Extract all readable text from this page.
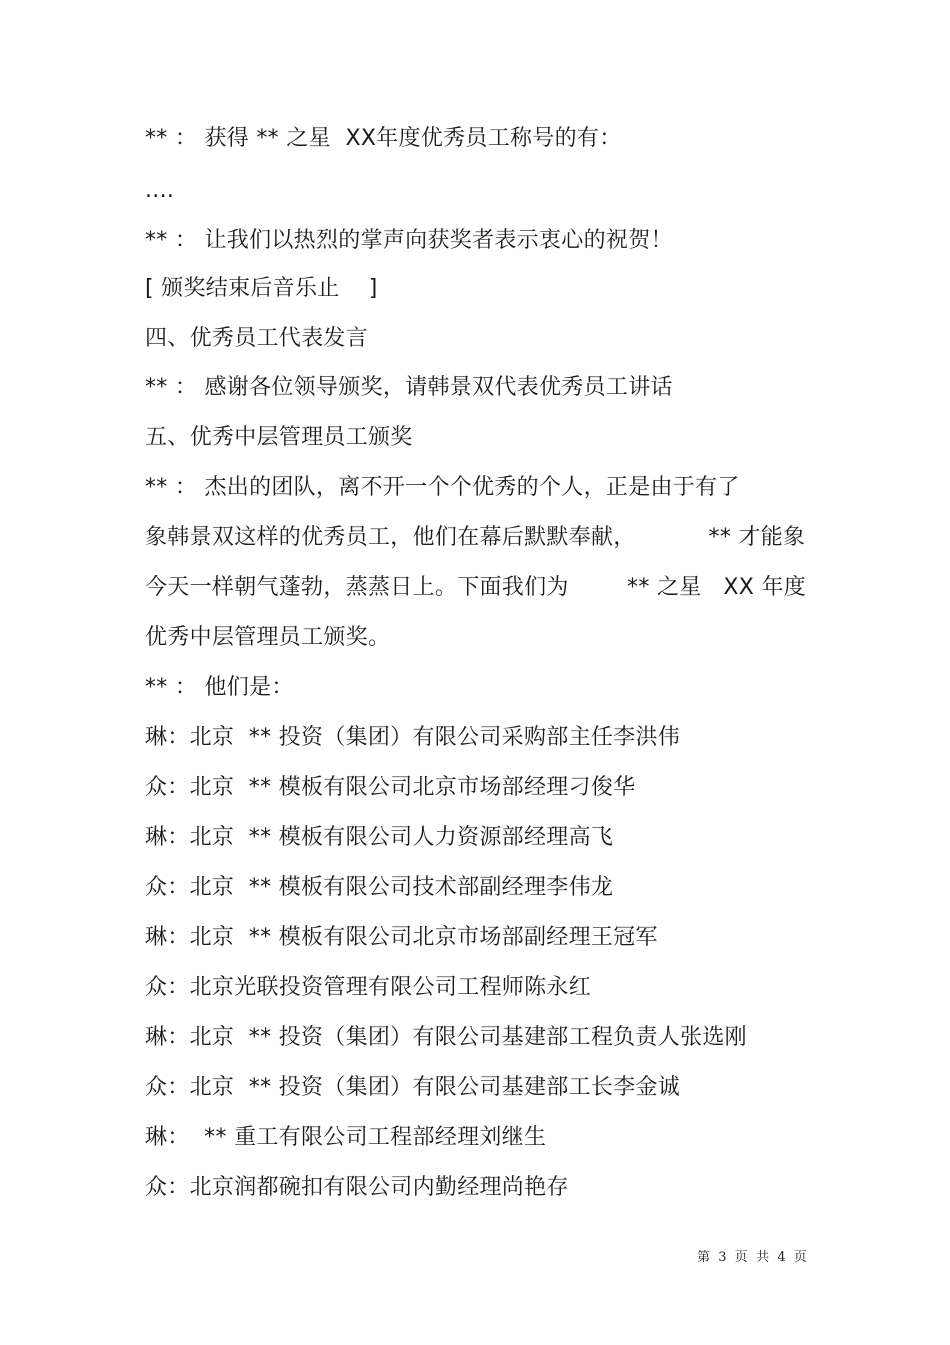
** ： 获得 ** 之星  XX年度优秀员工称号的有：

....

** ： 让我们以热烈的掌声向获奖者表示衷心的祝贺！

[ 颁奖结束后音乐止    ]

四、优秀员工代表发言

** ： 感谢各位领导颁奖，请韩景双代表优秀员工讲话

五、优秀中层管理员工颁奖

** ： 杰出的团队，离不开一个个优秀的个人，正是由于有了

象韩景双这样的优秀员工，他们在幕后默默奉献，          ** 才能象

今天一样朝气蓬勃，蒸蒸日上。下面我们为        ** 之星   XX 年度

优秀中层管理员工颁奖。

** ： 他们是：

琳：北京  ** 投资（集团）有限公司采购部主任李洪伟

众：北京  ** 模板有限公司北京市场部经理刁俊华

琳：北京  ** 模板有限公司人力资源部经理高飞

众：北京  ** 模板有限公司技术部副经理李伟龙

琳：北京  ** 模板有限公司北京市场部副经理王冠军

众：北京光联投资管理有限公司工程师陈永红

琳：北京  ** 投资（集团）有限公司基建部工程负责人张选刚

众：北京  ** 投资（集团）有限公司基建部工长李金诚

琳：  ** 重工有限公司工程部经理刘继生

众：北京润都碗扣有限公司内勤经理尚艳存

第  3  页  共  4  页
